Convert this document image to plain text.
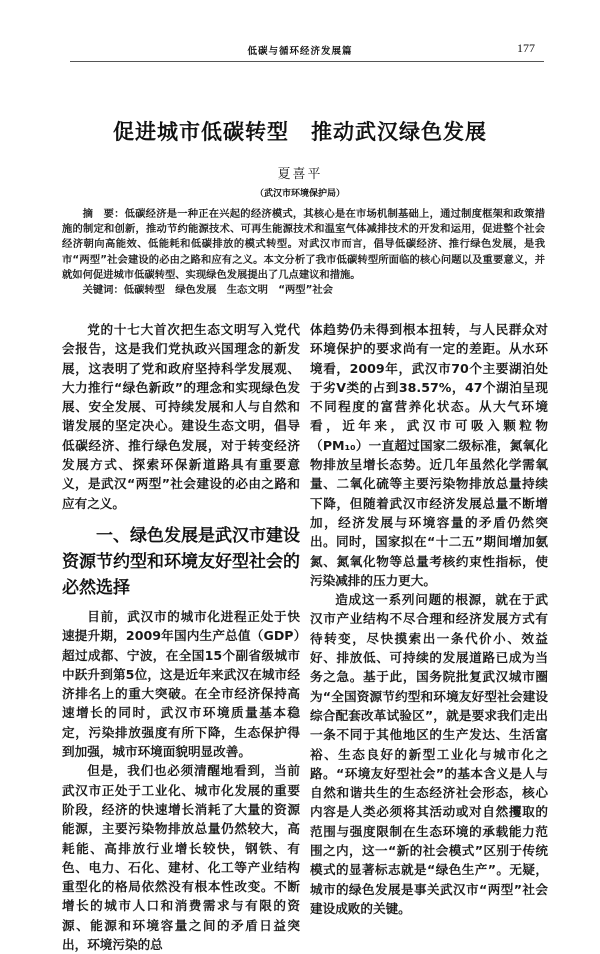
低碳与循环经济发展篇	177
促进城市低碳转型　推动武汉绿色发展
夏喜平
（武汉市环境保护局）

摘　要：低碳经济是一种正在兴起的经济模式，其核心是在市场机制基础上，通过制度框架和政策措施的制定和创新，推动节约能源技术、可再生能源技术和温室气体减排技术的开发和运用，促进整个社会经济朝向高能效、低能耗和低碳排放的模式转型。对武汉市而言，倡导低碳经济、推行绿色发展，是我市“两型”社会建设的必由之路和应有之义。本文分析了我市低碳转型所面临的核心问题以及重要意义，并就如何促进城市低碳转型、实现绿色发展提出了几点建议和措施。

关键词：低碳转型　绿色发展　生态文明　“两型”社会

党的十七大首次把生态文明写入党代会报告，这是我们党执政兴国理念的新发展，这表明了党和政府坚持科学发展观、大力推行“绿色新政”的理念和实现绿色发展、安全发展、可持续发展和人与自然和谐发展的坚定决心。建设生态文明，倡导低碳经济、推行绿色发展，对于转变经济发展方式、探索环保新道路具有重要意义，是武汉“两型”社会建设的必由之路和应有之义。

一、绿色发展是武汉市建设资源节约型和环境友好型社会的必然选择

目前，武汉市的城市化进程正处于快速提升期，2009年国内生产总值（GDP）超过成都、宁波，在全国15个副省级城市中跃升到第5位，这是近年来武汉在城市经济排名上的重大突破。在全市经济保持高速增长的同时，武汉市环境质量基本稳定，污染排放强度有所下降，生态保护得到加强，城市环境面貌明显改善。

但是，我们也必须清醒地看到，当前武汉市正处于工业化、城市化发展的重要阶段，经济的快速增长消耗了大量的资源能源，主要污染物排放总量仍然较大，高耗能、高排放行业增长较快，钢铁、有色、电力、石化、建材、化工等产业结构重型化的格局依然没有根本性改变。不断增长的城市人口和消费需求与有限的资源、能源和环境容量之间的矛盾日益突出，环境污染的总

体趋势仍未得到根本扭转，与人民群众对环境保护的要求尚有一定的差距。从水环境看，2009年，武汉市70个主要湖泊处于劣V类的占到38.57%，47个湖泊呈现不同程度的富营养化状态。从大气环境看，近年来，武汉市可吸入颗粒物（PM₁₀）一直超过国家二级标准，氮氧化物排放呈增长态势。近几年虽然化学需氧量、二氧化硫等主要污染物排放总量持续下降，但随着武汉市经济发展总量不断增加，经济发展与环境容量的矛盾仍然突出。同时，国家拟在“十二五”期间增加氨氮、氮氧化物等总量考核约束性指标，使污染减排的压力更大。

造成这一系列问题的根源，就在于武汉市产业结构不尽合理和经济发展方式有待转变，尽快摸索出一条代价小、效益好、排放低、可持续的发展道路已成为当务之急。基于此，国务院批复武汉城市圈为“全国资源节约型和环境友好型社会建设综合配套改革试验区”，就是要求我们走出一条不同于其他地区的生产发达、生活富裕、生态良好的新型工业化与城市化之路。“环境友好型社会”的基本含义是人与自然和谐共生的生态经济社会形态，核心内容是人类必须将其活动或对自然攫取的范围与强度限制在生态环境的承载能力范围之内，这一“新的社会模式”区别于传统模式的显著标志就是“绿色生产”。无疑，城市的绿色发展是事关武汉市“两型”社会建设成败的关键。
